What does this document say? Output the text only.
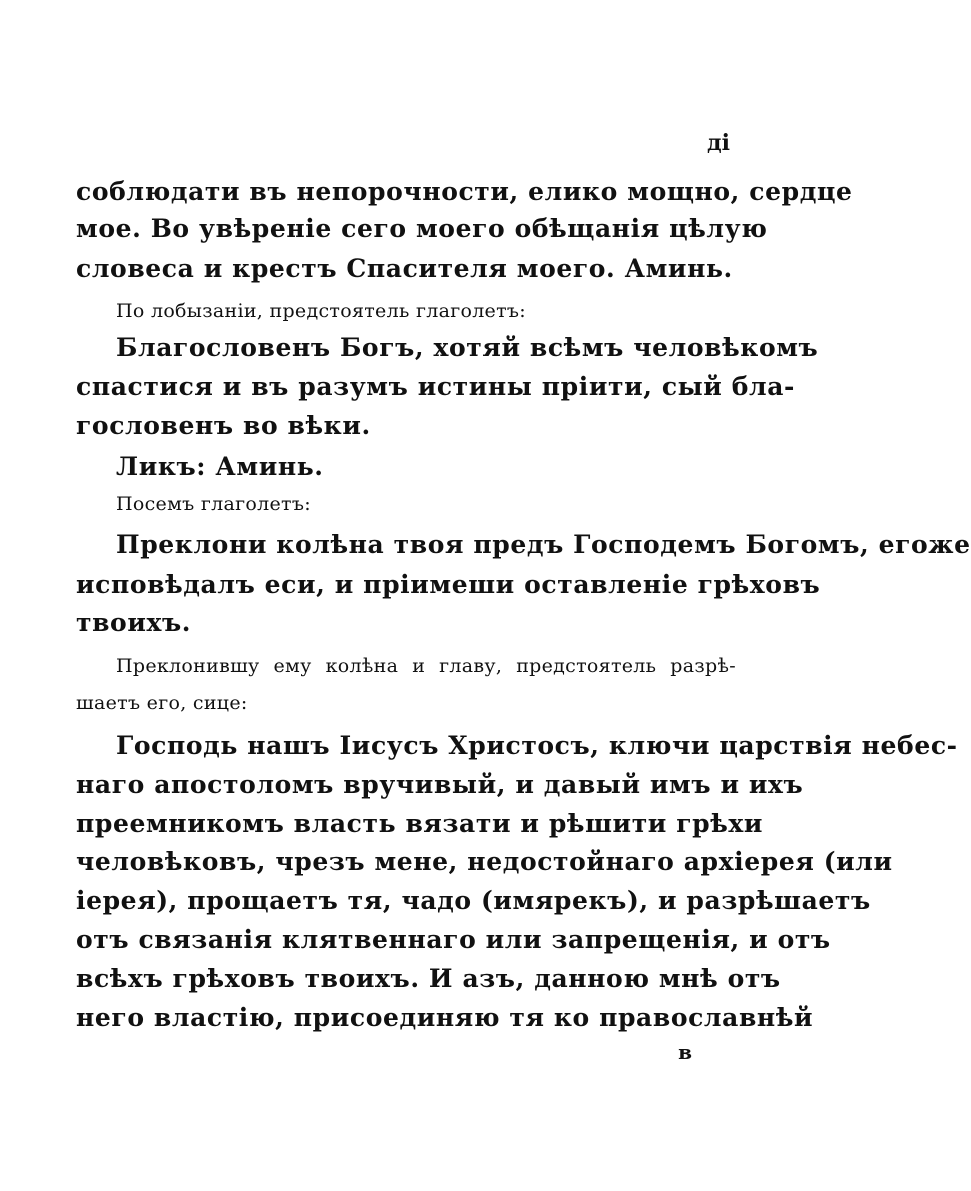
ді
соблюдати въ непорочности, елико мощно, сердце
мое. Во увѣреніе сего моего обѣщанія цѣлую
словеса и крестъ Спасителя моего. Аминь.
По лобызаніи, предстоятель глаголетъ:
Благословенъ Богъ, хотяй всѣмъ человѣкомъ
спастися и въ разумъ истины пріити, сый бла-
гословенъ во вѣки.
Ликъ: Аминь.
Посемъ глаголетъ:
Преклони колѣна твоя предъ Господемъ Богомъ, егоже
исповѣдалъ еси, и пріимеши оставленіе грѣховъ
твоихъ.
Преклонившу ему колѣна и главу, предстоятель разрѣ-
шаетъ его, сице:
Господь нашъ Іисусъ Христосъ, ключи царствія небес-
наго апостоломъ вручивый, и давый имъ и ихъ
преемникомъ власть вязати и рѣшити грѣхи
человѣковъ, чрезъ мене, недостойнаго архіерея (или
іерея), прощаетъ тя, чадо (имярекъ), и разрѣшаетъ
отъ связанія клятвеннаго или запрещенія, и отъ
всѣхъ грѣховъ твоихъ. И азъ, данною мнѣ отъ
него властію, присоединяю тя ко православнѣй
в
